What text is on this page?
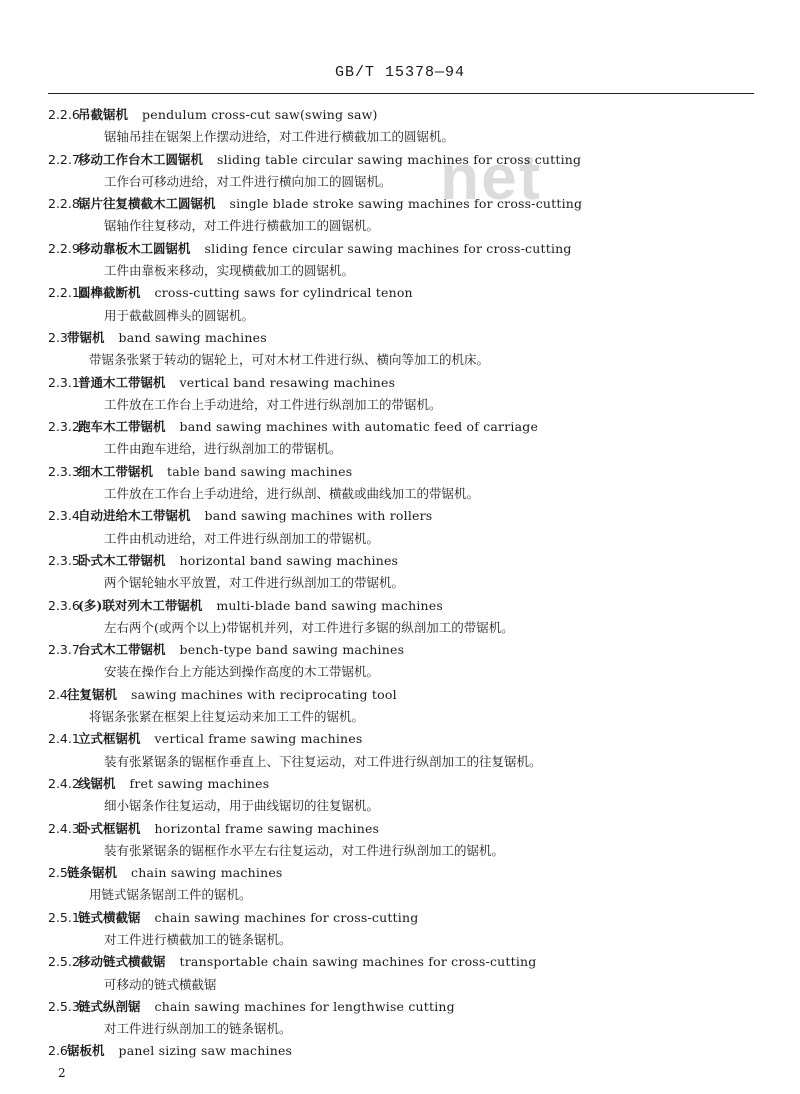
GB/T 15378—94
net
2.2.6
吊截锯机 pendulum cross-cut saw(swing saw)
锯轴吊挂在锯架上作摆动进给，对工件进行横截加工的圆锯机。
2.2.7
移动工作台木工圆锯机 sliding table circular sawing machines for cross cutting
工作台可移动进给，对工件进行横向加工的圆锯机。
2.2.8
锯片往复横截木工圆锯机 single blade stroke sawing machines for cross-cutting
锯轴作往复移动，对工件进行横截加工的圆锯机。
2.2.9
移动靠板木工圆锯机 sliding fence circular sawing machines for cross-cutting
工件由靠板来移动，实现横截加工的圆锯机。
2.2.10
圆榫截断机 cross-cutting saws for cylindrical tenon
用于截截圆榫头的圆锯机。
2.3 带锯机 band sawing machines
带锯条张紧于转动的锯轮上，可对木材工件进行纵、横向等加工的机床。
2.3.1
普通木工带锯机 vertical band resawing machines
工件放在工作台上手动进给，对工件进行纵剖加工的带锯机。
2.3.2
跑车木工带锯机 band sawing machines with automatic feed of carriage
工件由跑车进给，进行纵剖加工的带锯机。
2.3.3
细木工带锯机 table band sawing machines
工件放在工作台上手动进给，进行纵剖、横截或曲线加工的带锯机。
2.3.4
自动进给木工带锯机 band sawing machines with rollers
工件由机动进给，对工件进行纵剖加工的带锯机。
2.3.5
卧式木工带锯机 horizontal band sawing machines
两个锯轮轴水平放置，对工件进行纵剖加工的带锯机。
2.3.6
(多)联对列木工带锯机 multi-blade band sawing machines
左右两个(或两个以上)带锯机并列，对工件进行多锯的纵剖加工的带锯机。
2.3.7
台式木工带锯机 bench-type band sawing machines
安装在操作台上方能达到操作高度的木工带锯机。
2.4 往复锯机 sawing machines with reciprocating tool
将锯条张紧在框架上往复运动来加工工件的锯机。
2.4.1
立式框锯机 vertical frame sawing machines
装有张紧锯条的锯框作垂直上、下往复运动，对工件进行纵剖加工的往复锯机。
2.4.2
线锯机 fret sawing machines
细小锯条作往复运动，用于曲线锯切的往复锯机。
2.4.3
卧式框锯机 horizontal frame sawing machines
装有张紧锯条的锯框作水平左右往复运动，对工件进行纵剖加工的锯机。
2.5 链条锯机 chain sawing machines
用链式锯条锯剖工件的锯机。
2.5.1
链式横截锯 chain sawing machines for cross-cutting
对工件进行横截加工的链条锯机。
2.5.2
移动链式横截锯 transportable chain sawing machines for cross-cutting
可移动的链式横截锯
2.5.3
链式纵剖锯 chain sawing machines for lengthwise cutting
对工件进行纵剖加工的链条锯机。
2.6 锯板机 panel sizing saw machines
2
